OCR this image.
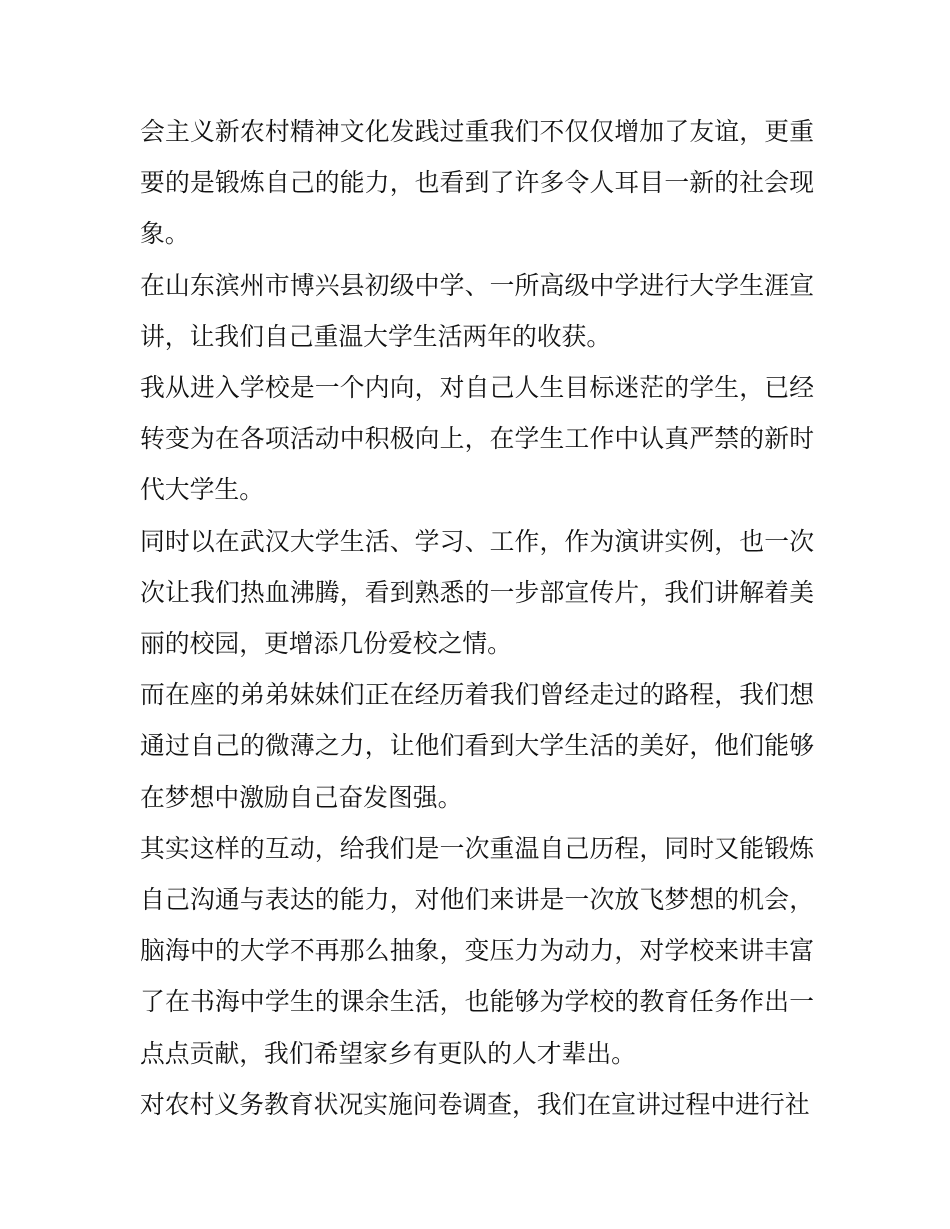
会主义新农村精神文化发践过重我们不仅仅增加了友谊，更重要的是锻炼自己的能力，也看到了许多令人耳目一新的社会现象。

在山东滨州市博兴县初级中学、一所高级中学进行大学生涯宣讲，让我们自己重温大学生活两年的收获。

我从进入学校是一个内向，对自己人生目标迷茫的学生，已经转变为在各项活动中积极向上，在学生工作中认真严禁的新时代大学生。

同时以在武汉大学生活、学习、工作，作为演讲实例，也一次次让我们热血沸腾，看到熟悉的一步部宣传片，我们讲解着美丽的校园，更增添几份爱校之情。

而在座的弟弟妹妹们正在经历着我们曾经走过的路程，我们想通过自己的微薄之力，让他们看到大学生活的美好，他们能够在梦想中激励自己奋发图强。

其实这样的互动，给我们是一次重温自己历程，同时又能锻炼自己沟通与表达的能力，对他们来讲是一次放飞梦想的机会，脑海中的大学不再那么抽象，变压力为动力，对学校来讲丰富了在书海中学生的课余生活，也能够为学校的教育任务作出一点点贡献，我们希望家乡有更队的人才辈出。

对农村义务教育状况实施问卷调查，我们在宣讲过程中进行社
